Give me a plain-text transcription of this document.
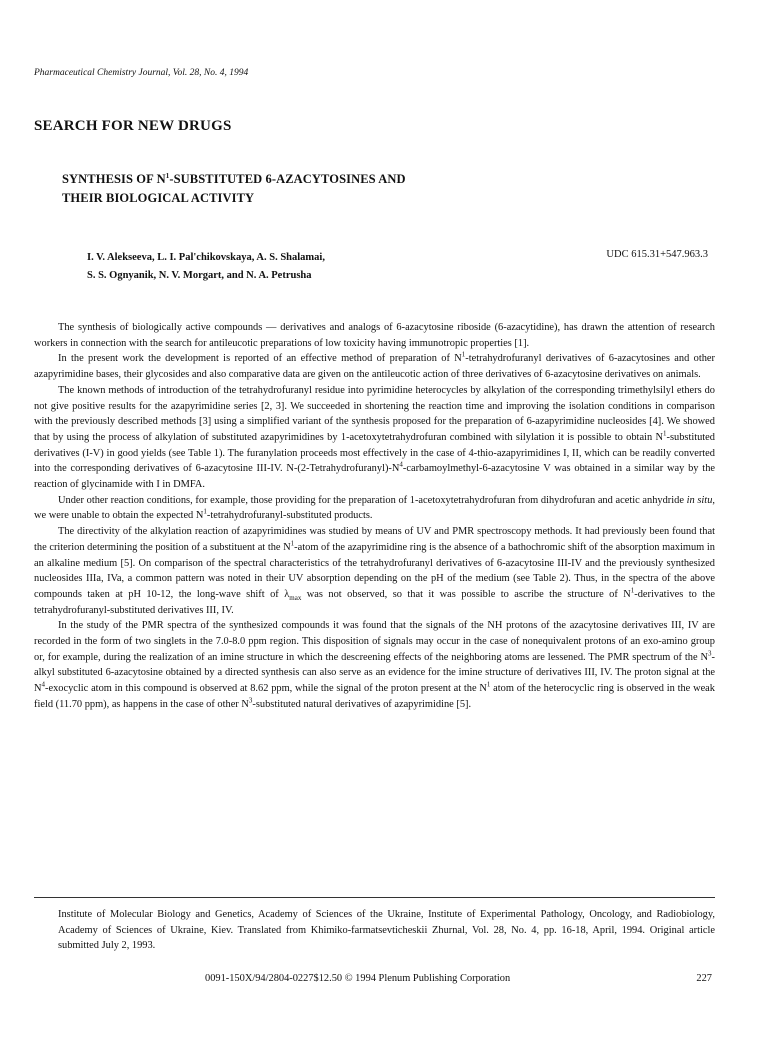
Pharmaceutical Chemistry Journal, Vol. 28, No. 4, 1994
SEARCH FOR NEW DRUGS
SYNTHESIS OF $N^1$-SUBSTITUTED 6-AZACYTOSINES AND
THEIR BIOLOGICAL ACTIVITY
I. V. Alekseeva, L. I. Pal'chikovskaya, A. S. Shalamai,
S. S. Ognyanik, N. V. Morgart, and N. A. Petrusha
UDC 615.31+547.963.3

The synthesis of biologically active compounds — derivatives and analogs of 6-azacytosine riboside (6-azacytidine), has drawn the attention of research workers in connection with the search for antileucotic preparations of low toxicity having immunotropic properties [1].

In the present work the development is reported of an effective method of preparation of $N^1$-tetrahydrofuranyl derivatives of 6-azacytosines and other azapyrimidine bases, their glycosides and also comparative data are given on the antileucotic action of three derivatives of 6-azacytosine derivatives on animals.

The known methods of introduction of the tetrahydrofuranyl residue into pyrimidine heterocycles by alkylation of the corresponding trimethylsilyl ethers do not give positive results for the azapyrimidine series [2, 3]. We succeeded in shortening the reaction time and improving the isolation conditions in comparison with the previously described methods [3] using a simplified variant of the synthesis proposed for the preparation of 6-azapyrimidine nucleosides [4]. We showed that by using the process of alkylation of substituted azapyrimidines by 1-acetoxytetrahydrofuran combined with silylation it is possible to obtain $N^1$-substituted derivatives (I-V) in good yields (see Table 1). The furanylation proceeds most effectively in the case of 4-thio-azapyrimidines I, II, which can be readily converted into the corresponding derivatives of 6-azacytosine III-IV. $N-(2-Tetrahydrofuranyl)-N^4-carbamoylmethyl-6$-azacytosine V was obtained in a similar way by the reaction of glycinamide with I in DMFA.

Under other reaction conditions, for example, those providing for the preparation of 1-acetoxytetrahydrofuran from dihydrofuran and acetic anhydride in situ, we were unable to obtain the expected $N^1-tetrahydrofuranyl$-substituted products.

The directivity of the alkylation reaction of azapyrimidines was studied by means of UV and PMR spectroscopy methods. It had previously been found that the criterion determining the position of a substituent at the $N^1$-atom of the azapyrimidine ring is the absence of a bathochromic shift of the absorption maximum in an alkaline medium [5]. On comparison of the spectral characteristics of the tetrahydrofuranyl derivatives of 6-azacytosine III-IV and the previously synthesized nucleosides IIIa, IVa, a common pattern was noted in their UV absorption depending on the pH of the medium (see Table 2). Thus, in the spectra of the above compounds taken at pH 10-12, the long-wave shift of $\lambda_{max}$ was not observed, so that it was possible to ascribe the structure of $N^1$-derivatives to the tetrahydrofuranyl-substituted derivatives III, IV.

In the study of the PMR spectra of the synthesized compounds it was found that the signals of the NH protons of the azacytosine derivatives III, IV are recorded in the form of two singlets in the 7.0-8.0 ppm region. This disposition of signals may occur in the case of nonequivalent protons of an exo-amino group or, for example, during the realization of an imine structure in which the descreening effects of the neighboring atoms are lessened. The PMR spectrum of the $N^3$-alkyl substituted 6-azacytosine obtained by a directed synthesis can also serve as an evidence for the imine structure of derivatives III, IV. The proton signal at the $N^4$-exocyclic atom in this compound is observed at 8.62 ppm, while the signal of the proton present at the $N^1$ atom of the heterocyclic ring is observed in the weak field (11.70 ppm), as happens in the case of other $N^3$-substituted natural derivatives of azapyrimidine [5].

Institute of Molecular Biology and Genetics, Academy of Sciences of the Ukraine, Institute of Experimental Pathology, Oncology, and Radiobiology, Academy of Sciences of Ukraine, Kiev. Translated from Khimiko-farmatsevticheskii Zhurnal, Vol. 28, No. 4, pp. 16-18, April, 1994. Original article submitted July 2, 1993.
0091-150X/94/2804-0227$12.50 © 1994 Plenum Publishing Corporation	227
